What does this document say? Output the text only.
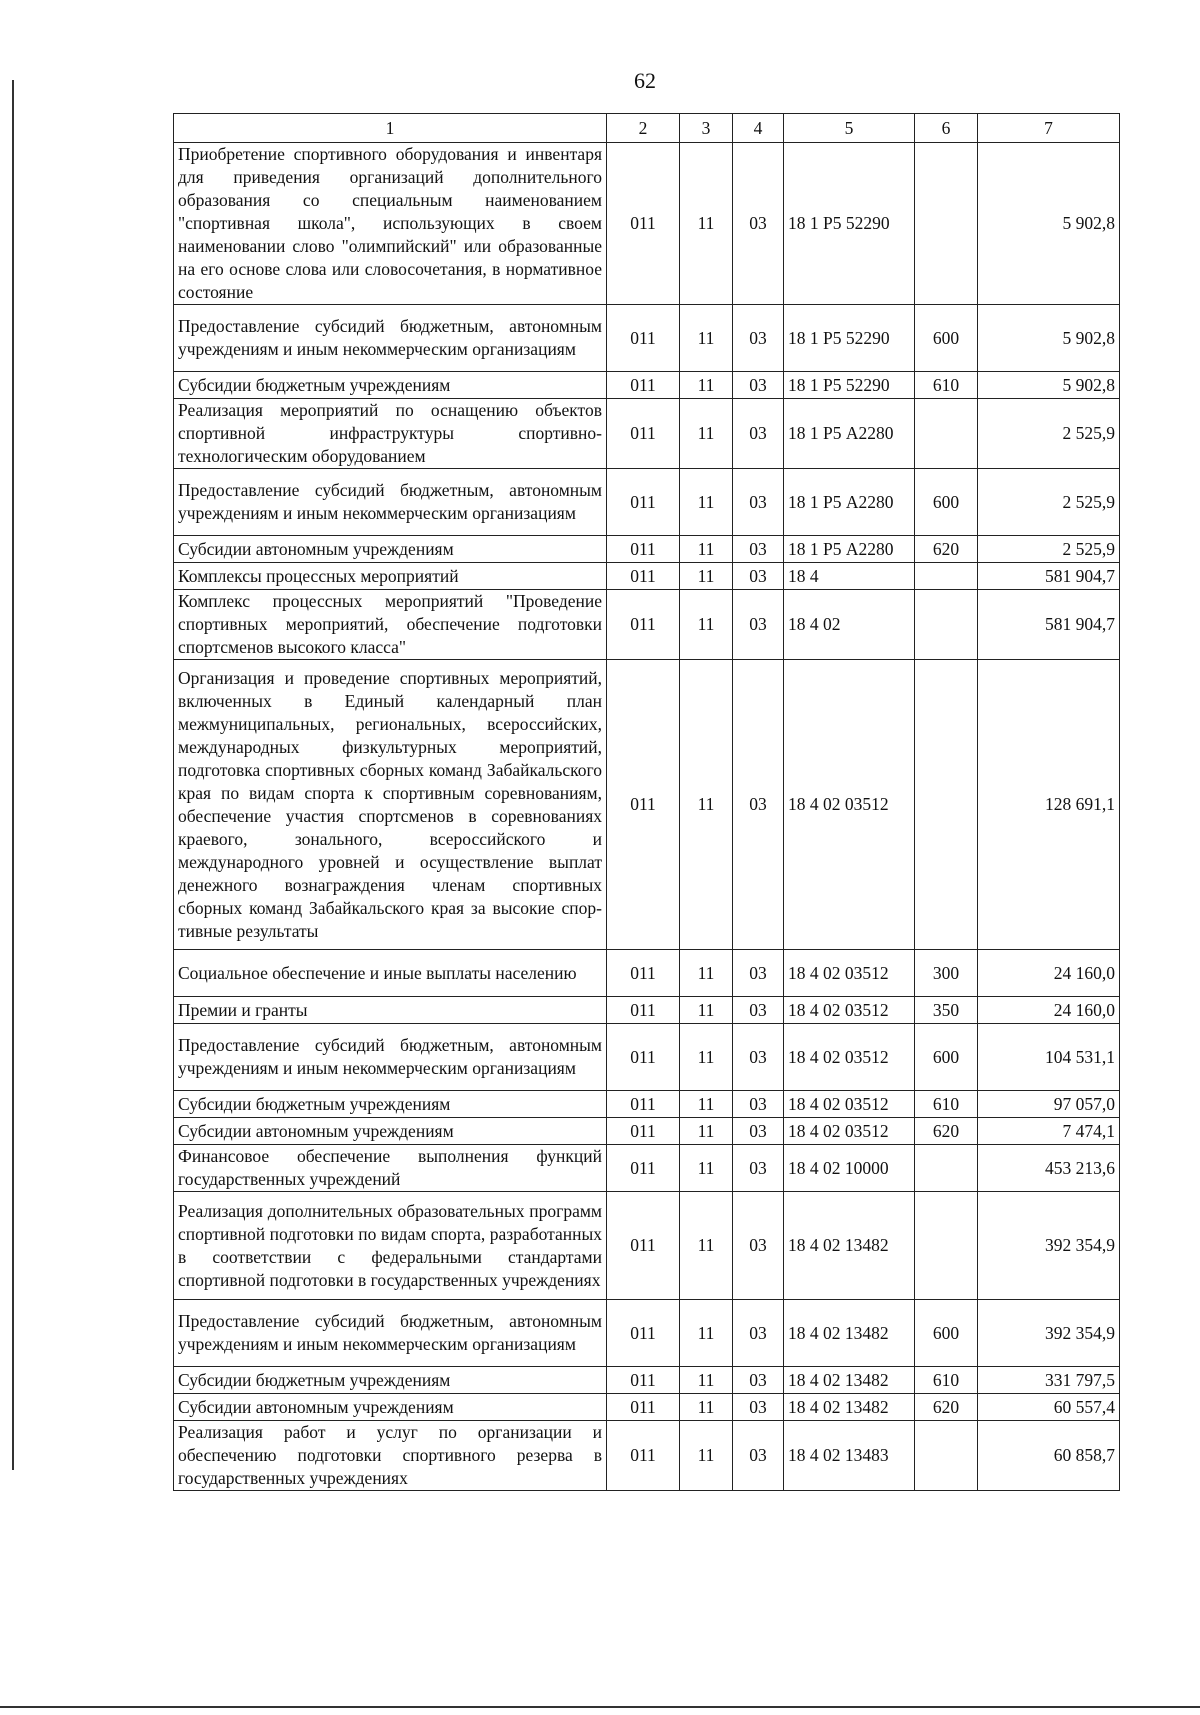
62
1	2	3	4	5	6	7
Приобретение спортивного оборудования и инвентаря для приведения организаций дополнительного образования со специальным наименованием "спортивная школа", использующих в своем наименовании слово "олимпийский" или образованные на его основе слова или словосочетания, в нормативное состояние	011	11	03	18 1 Р5 52290		5 902,8
Предоставление субсидий бюджетным, автономным учреждениям и иным некоммерческим организациям	011	11	03	18 1 Р5 52290	600	5 902,8
Субсидии бюджетным учреждениям	011	11	03	18 1 Р5 52290	610	5 902,8
Реализация мероприятий по оснащению объектов спортивной инфраструктуры спортивно-технологическим оборудованием	011	11	03	18 1 Р5 А2280		2 525,9
Предоставление субсидий бюджетным, автономным учреждениям и иным некоммерческим организациям	011	11	03	18 1 Р5 А2280	600	2 525,9
Субсидии автономным учреждениям	011	11	03	18 1 Р5 А2280	620	2 525,9
Комплексы процессных мероприятий	011	11	03	18 4		581 904,7
Комплекс процессных мероприятий "Проведение спортивных мероприятий, обеспечение подготовки спортсменов высокого класса"	011	11	03	18 4 02		581 904,7
Организация и проведение спортивных мероприятий, включенных в Единый календарный план межмуниципальных, региональных, всероссийских, международных физкультурных мероприятий, подготовка спортивных сборных команд Забайкальского края по видам спорта к спортивным соревнованиям, обеспечение участия спортсменов в соревнованиях краевого, зонального, всероссийского и международного уровней и осуществление выплат денежного вознаграждения членам спортивных сборных команд Забайкальского края за высокие спортивные результаты	011	11	03	18 4 02 03512		128 691,1
Социальное обеспечение и иные выплаты населению	011	11	03	18 4 02 03512	300	24 160,0
Премии и гранты	011	11	03	18 4 02 03512	350	24 160,0
Предоставление субсидий бюджетным, автономным учреждениям и иным некоммерческим организациям	011	11	03	18 4 02 03512	600	104 531,1
Субсидии бюджетным учреждениям	011	11	03	18 4 02 03512	610	97 057,0
Субсидии автономным учреждениям	011	11	03	18 4 02 03512	620	7 474,1
Финансовое обеспечение выполнения функций государственных учреждений	011	11	03	18 4 02 10000		453 213,6
Реализация дополнительных образовательных программ спортивной подготовки по видам спорта, разработанных в соответствии с федеральными стандартами спортивной подготовки в государственных учреждениях	011	11	03	18 4 02 13482		392 354,9
Предоставление субсидий бюджетным, автономным учреждениям и иным некоммерческим организациям	011	11	03	18 4 02 13482	600	392 354,9
Субсидии бюджетным учреждениям	011	11	03	18 4 02 13482	610	331 797,5
Субсидии автономным учреждениям	011	11	03	18 4 02 13482	620	60 557,4
Реализация работ и услуг по организации и обеспечению подготовки спортивного резерва в государственных учреждениях	011	11	03	18 4 02 13483		60 858,7
